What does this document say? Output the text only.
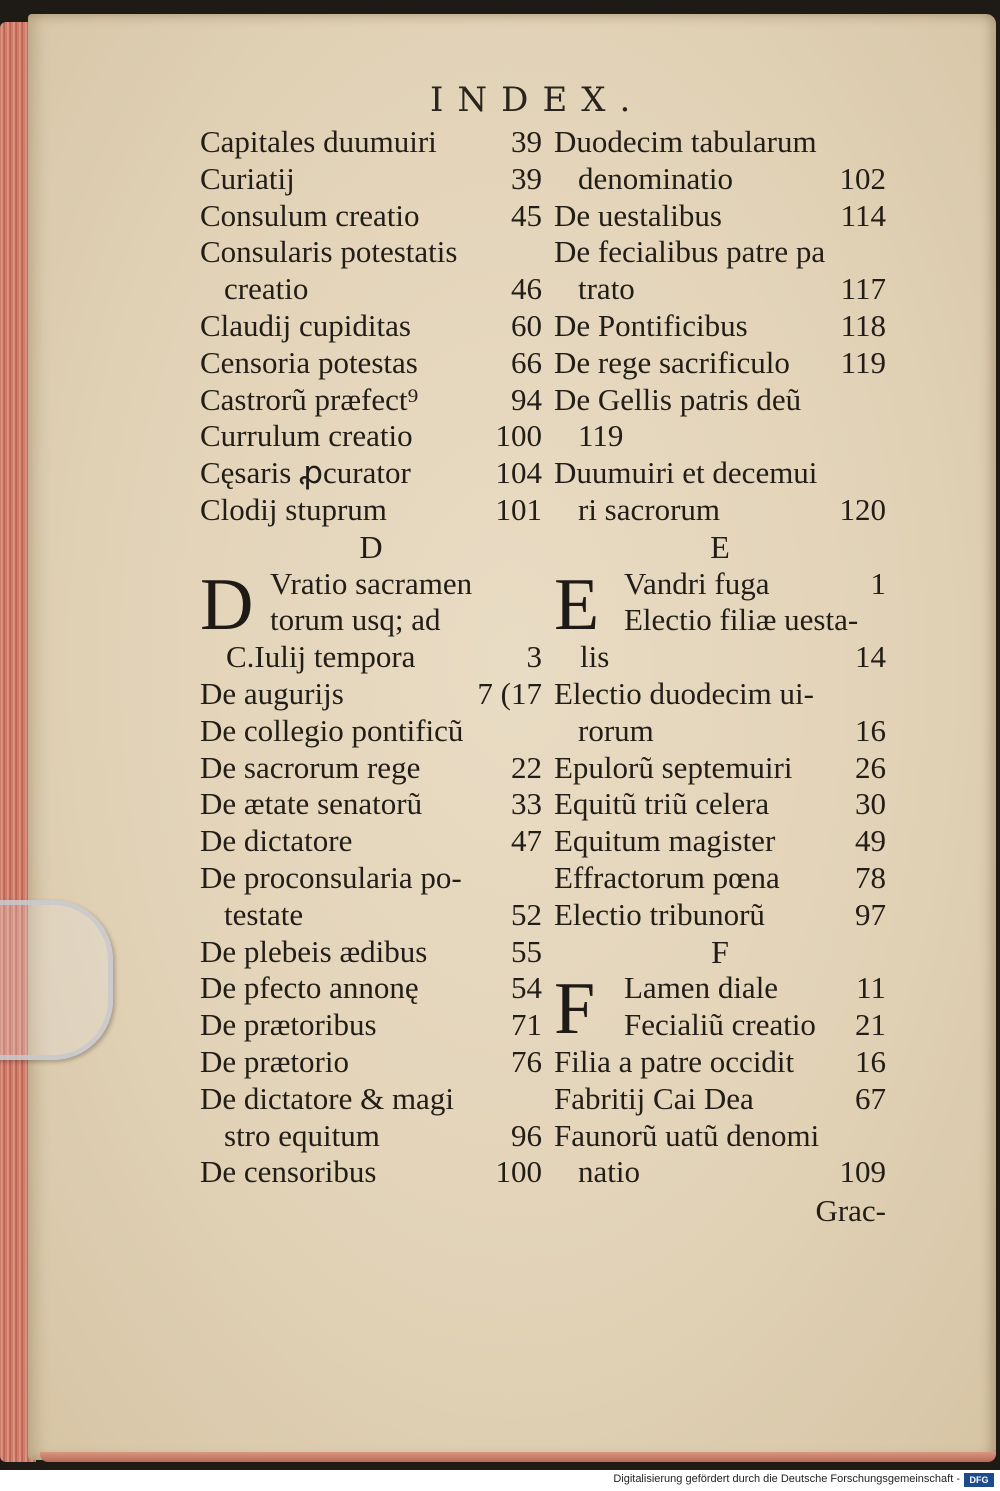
INDEX.
Capitales duumuiri 39
Curiatij	39
Consulum creatio	45
Consularis potestatis
creatio	46
Claudij cupiditas	60
Censoria potestas	66
Castrorũ præfect⁹	94
Currulum creatio	100
Cęsaris ꝓcurator	104
Clodij stuprum	101
D
D Vratio sacramen
torum usq; ad
C.Iulij tempora	3
De augurijs	7 (17
De collegio pontificũ
De sacrorum rege	22
De ætate senatorũ	33
De dictatore	47
De proconsularia po-
testate	52
De plebeis ædibus	55
De pfecto annonę	54
De prætoribus	71
De prætorio	76
De dictatore & magi
stro equitum	96
De censoribus	100
Duodecim tabularum
denominatio	102
De uestalibus	114
De fecialibus patre pa
trato	117
De Pontificibus	118
De rege sacrificulo 119
De Gellis patris deũ
119
Duumuiri et decemui
ri sacrorum	120
E
E Vandri fuga	1
Electio filiæ uesta-
lis	14
Electio duodecim ui-
rorum	16
Epulorũ septemuiri 26
Equitũ triũ celera	30
Equitum magister	49
Effractorum pœna 78
Electio tribunorũ	97
F
F Lamen diale	11
Fecialiũ creatio 21
Filia a patre occidit 16
Fabritij Cai Dea	67
Faunorũ uatũ denomi
natio	109
Grac-
Digitalisierung gefördert durch die Deutsche Forschungsgemeinschaft -	DFG
